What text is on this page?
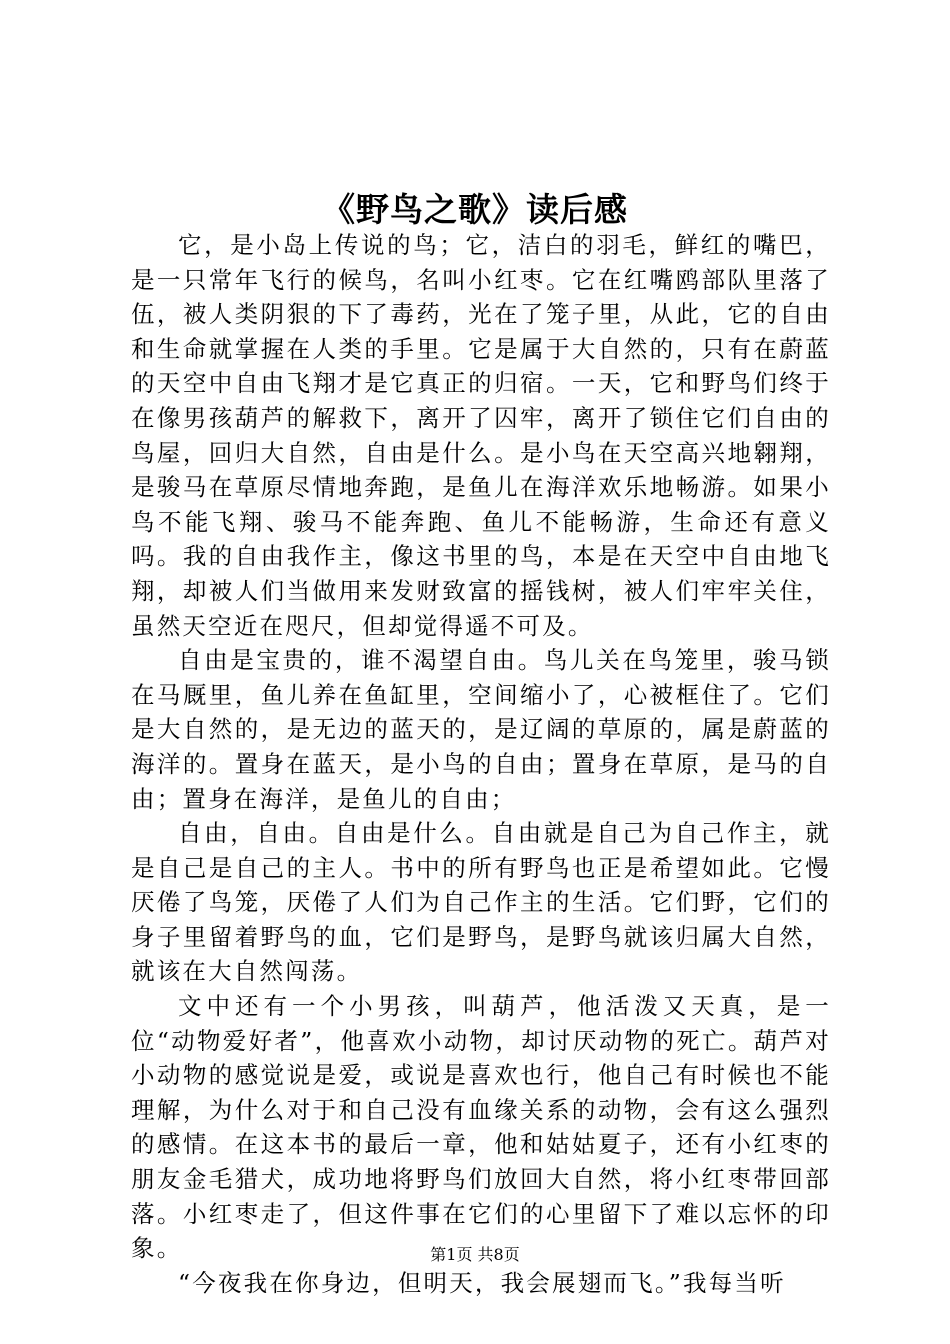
《野鸟之歌》读后感

它，是小岛上传说的鸟；它，洁白的羽毛，鲜红的嘴巴，是一只常年飞行的候鸟，名叫小红枣。它在红嘴鸥部队里落了伍，被人类阴狠的下了毒药，光在了笼子里，从此，它的自由和生命就掌握在人类的手里。它是属于大自然的，只有在蔚蓝的天空中自由飞翔才是它真正的归宿。一天，它和野鸟们终于在像男孩葫芦的解救下，离开了囚牢，离开了锁住它们自由的鸟屋，回归大自然，自由是什么。是小鸟在天空高兴地翱翔，是骏马在草原尽情地奔跑，是鱼儿在海洋欢乐地畅游。如果小鸟不能飞翔、骏马不能奔跑、鱼儿不能畅游，生命还有意义吗。我的自由我作主，像这书里的鸟，本是在天空中自由地飞翔，却被人们当做用来发财致富的摇钱树，被人们牢牢关住，虽然天空近在咫尺，但却觉得遥不可及。

自由是宝贵的，谁不渴望自由。鸟儿关在鸟笼里，骏马锁在马厩里，鱼儿养在鱼缸里，空间缩小了，心被框住了。它们是大自然的，是无边的蓝天的，是辽阔的草原的，属是蔚蓝的海洋的。置身在蓝天，是小鸟的自由；置身在草原，是马的自由；置身在海洋，是鱼儿的自由；

自由，自由。自由是什么。自由就是自己为自己作主，就是自己是自己的主人。书中的所有野鸟也正是希望如此。它慢厌倦了鸟笼，厌倦了人们为自己作主的生活。它们野，它们的身子里留着野鸟的血，它们是野鸟，是野鸟就该归属大自然，就该在大自然闯荡。

文中还有一个小男孩，叫葫芦，他活泼又天真，是一位“动物爱好者”，他喜欢小动物，却讨厌动物的死亡。葫芦对小动物的感觉说是爱，或说是喜欢也行，他自己有时候也不能理解，为什么对于和自己没有血缘关系的动物，会有这么强烈的感情。在这本书的最后一章，他和姑姑夏子，还有小红枣的朋友金毛猎犬，成功地将野鸟们放回大自然，将小红枣带回部落。小红枣走了，但这件事在它们的心里留下了难以忘怀的印象。

“今夜我在你身边，但明天，我会展翅而飞。”我每当听

第1页 共8页
